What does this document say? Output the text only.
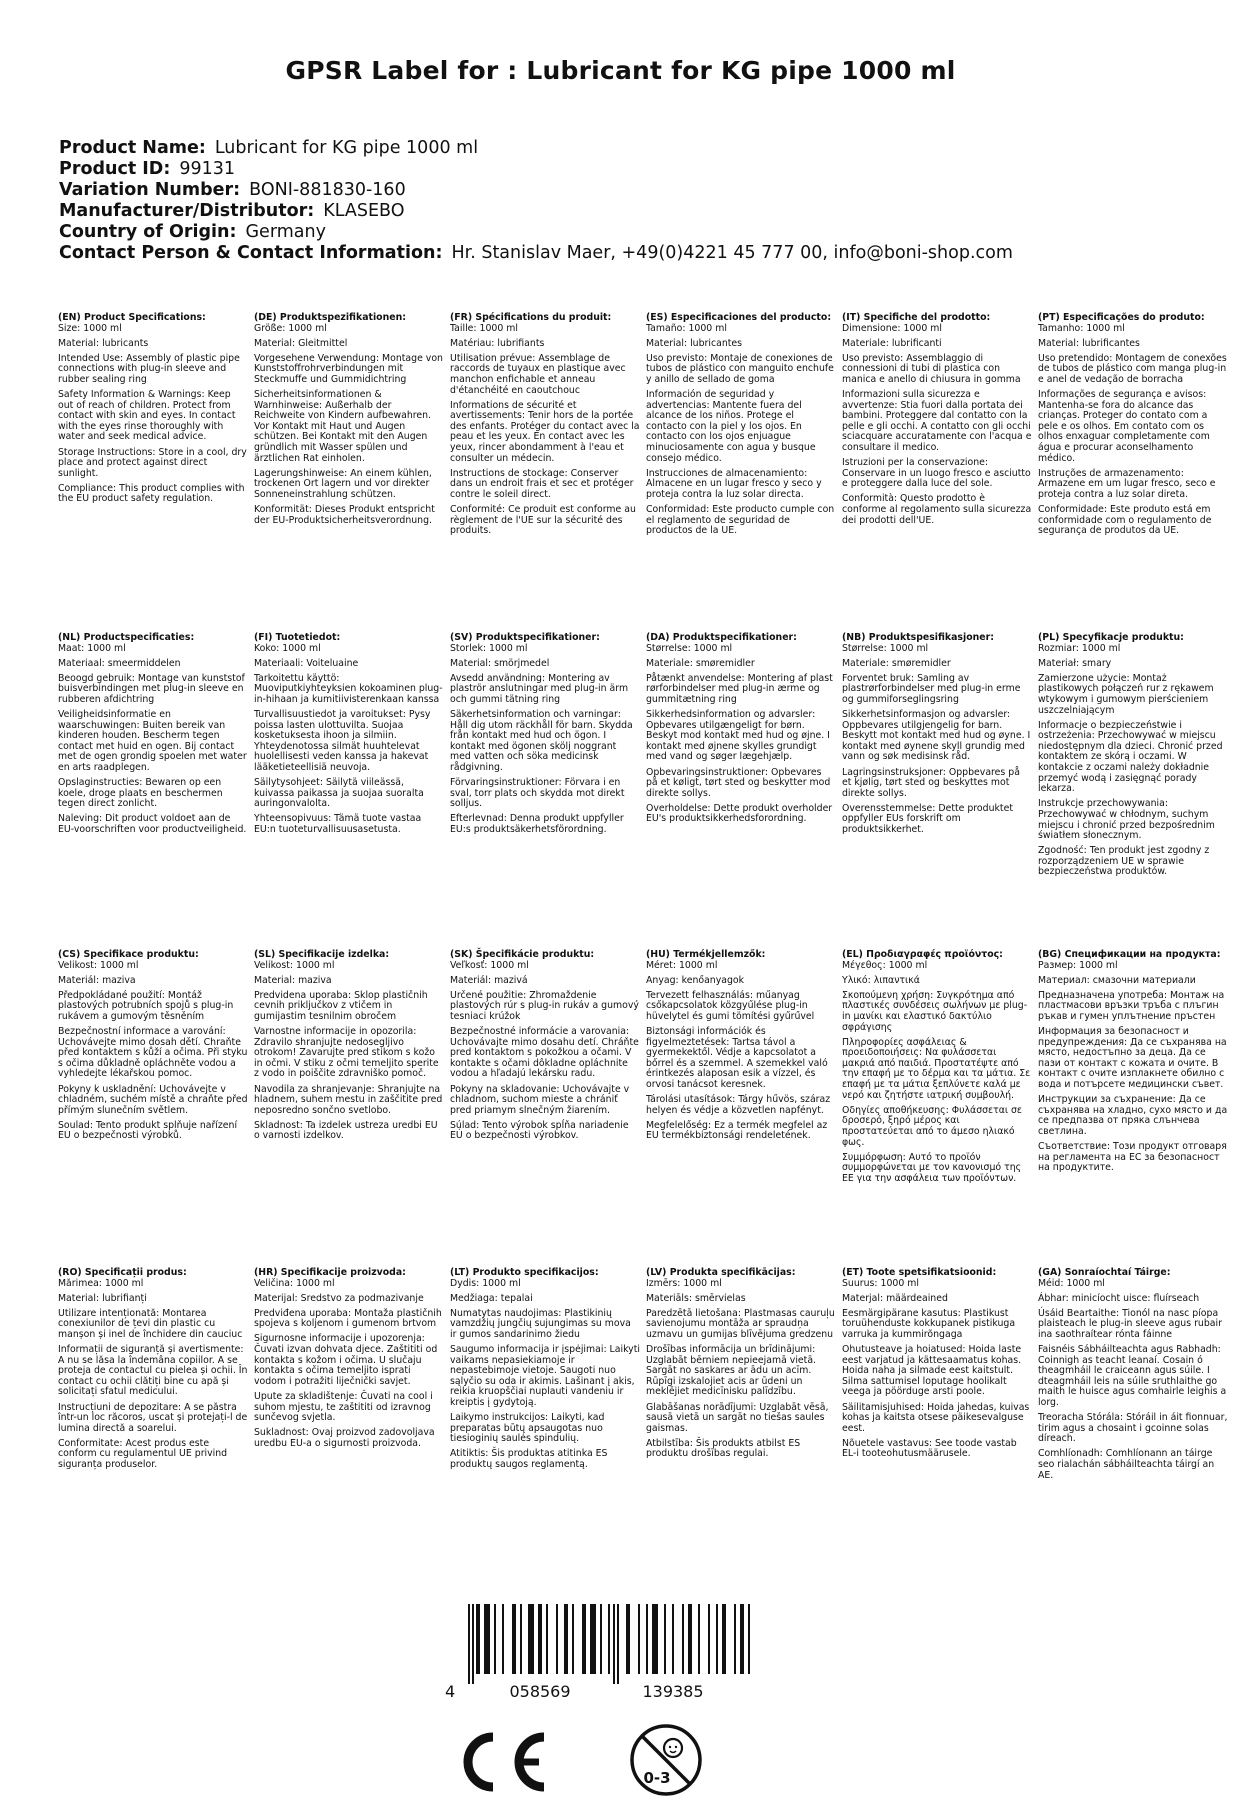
GPSR Label for : Lubricant for KG pipe 1000 ml
Product Name: Lubricant for KG pipe 1000 ml
Product ID: 99131
Variation Number: BONI-881830-160
Manufacturer/Distributor: KLASEBO
Country of Origin: Germany
Contact Person & Contact Information: Hr. Stanislav Maer, +49(0)4221 45 777 00, info@boni-shop.com
(EN) Product Specifications:

Size: 1000 ml

Material: lubricants

Intended Use: Assembly of plastic pipe connections with plug-in sleeve and rubber sealing ring

Safety Information & Warnings: Keep out of reach of children. Protect from contact with skin and eyes. In contact with the eyes rinse thoroughly with water and seek medical advice.

Storage Instructions: Store in a cool, dry place and protect against direct sunlight.

Compliance: This product complies with the EU product safety regulation.

(DE) Produktspezifikationen:

Größe: 1000 ml

Material: Gleitmittel

Vorgesehene Verwendung: Montage von Kunststoffrohrverbindungen mit Steckmuffe und Gummidichtring

Sicherheitsinformationen & Warnhinweise: Außerhalb der Reichweite von Kindern aufbewahren. Vor Kontakt mit Haut und Augen schützen. Bei Kontakt mit den Augen gründlich mit Wasser spülen und ärztlichen Rat einholen.

Lagerungshinweise: An einem kühlen, trockenen Ort lagern und vor direkter Sonneneinstrahlung schützen.

Konformität: Dieses Produkt entspricht der EU-Produktsicherheitsverordnung.

(FR) Spécifications du produit:

Taille: 1000 ml

Matériau: lubrifiants

Utilisation prévue: Assemblage de raccords de tuyaux en plastique avec manchon enfichable et anneau d'étanchéité en caoutchouc

Informations de sécurité et avertissements: Tenir hors de la portée des enfants. Protéger du contact avec la peau et les yeux. En contact avec les yeux, rincer abondamment à l'eau et consulter un médecin.

Instructions de stockage: Conserver dans un endroit frais et sec et protéger contre le soleil direct.

Conformité: Ce produit est conforme au règlement de l'UE sur la sécurité des produits.

(ES) Especificaciones del producto:

Tamaño: 1000 ml

Material: lubricantes

Uso previsto: Montaje de conexiones de tubos de plástico con manguito enchufe y anillo de sellado de goma

Información de seguridad y advertencias: Mantente fuera del alcance de los niños. Protege el contacto con la piel y los ojos. En contacto con los ojos enjuague minuciosamente con agua y busque consejo médico.

Instrucciones de almacenamiento: Almacene en un lugar fresco y seco y proteja contra la luz solar directa.

Conformidad: Este producto cumple con el reglamento de seguridad de productos de la UE.

(IT) Specifiche del prodotto:

Dimensione: 1000 ml

Materiale: lubrificanti

Uso previsto: Assemblaggio di connessioni di tubi di plastica con manica e anello di chiusura in gomma

Informazioni sulla sicurezza e avvertenze: Stia fuori dalla portata dei bambini. Proteggere dal contatto con la pelle e gli occhi. A contatto con gli occhi sciacquare accuratamente con l'acqua e consultare il medico.

Istruzioni per la conservazione: Conservare in un luogo fresco e asciutto e proteggere dalla luce del sole.

Conformità: Questo prodotto è conforme al regolamento sulla sicurezza dei prodotti dell'UE.

(PT) Especificações do produto:

Tamanho: 1000 ml

Material: lubrificantes

Uso pretendido: Montagem de conexões de tubos de plástico com manga plug-in e anel de vedação de borracha

Informações de segurança e avisos: Mantenha-se fora do alcance das crianças. Proteger do contato com a pele e os olhos. Em contato com os olhos enxaguar completamente com água e procurar aconselhamento médico.

Instruções de armazenamento: Armazene em um lugar fresco, seco e proteja contra a luz solar direta.

Conformidade: Este produto está em conformidade com o regulamento de segurança de produtos da UE.

(NL) Productspecificaties:

Maat: 1000 ml

Materiaal: smeermiddelen

Beoogd gebruik: Montage van kunststof buisverbindingen met plug-in sleeve en rubberen afdichtring

Veiligheidsinformatie en waarschuwingen: Buiten bereik van kinderen houden. Bescherm tegen contact met huid en ogen. Bij contact met de ogen grondig spoelen met water en arts raadplegen.

Opslaginstructies: Bewaren op een koele, droge plaats en beschermen tegen direct zonlicht.

Naleving: Dit product voldoet aan de EU-voorschriften voor productveiligheid.

(FI) Tuotetiedot:

Koko: 1000 ml

Materiaali: Voiteluaine

Tarkoitettu käyttö: Muoviputkiyhteyksien kokoaminen plug-in-hihaan ja kumitiivisterenkaan kanssa

Turvallisuustiedot ja varoitukset: Pysy poissa lasten ulottuvilta. Suojaa kosketuksesta ihoon ja silmiin. Yhteydenotossa silmät huuhtelevat huolellisesti veden kanssa ja hakevat lääketieteellisiä neuvoja.

Säilytysohjeet: Säilytä viileässä, kuivassa paikassa ja suojaa suoralta auringonvalolta.

Yhteensopivuus: Tämä tuote vastaa EU:n tuoteturvallisuusasetusta.

(SV) Produktspecifikationer:

Storlek: 1000 ml

Material: smörjmedel

Avsedd användning: Montering av plaströr anslutningar med plug-in ärm och gummi tätning ring

Säkerhetsinformation och varningar: Håll dig utom räckhåll för barn. Skydda från kontakt med hud och ögon. I kontakt med ögonen skölj noggrant med vatten och söka medicinsk rådgivning.

Förvaringsinstruktioner: Förvara i en sval, torr plats och skydda mot direkt solljus.

Efterlevnad: Denna produkt uppfyller EU:s produktsäkerhetsförordning.

(DA) Produktspecifikationer:

Størrelse: 1000 ml

Materiale: smøremidler

Påtænkt anvendelse: Montering af plast rørforbindelser med plug-in ærme og gummitætning ring

Sikkerhedsinformation og advarsler: Opbevares utilgængeligt for børn. Beskyt mod kontakt med hud og øjne. I kontakt med øjnene skylles grundigt med vand og søger lægehjælp.

Opbevaringsinstruktioner: Opbevares på et køligt, tørt sted og beskytter mod direkte sollys.

Overholdelse: Dette produkt overholder EU's produktsikkerhedsforordning.

(NB) Produktspesifikasjoner:

Størrelse: 1000 ml

Materiale: smøremidler

Forventet bruk: Samling av plastrørforbindelser med plug-in erme og gummiforseglingsring

Sikkerhetsinformasjon og advarsler: Oppbevares utilgjengelig for barn. Beskytt mot kontakt med hud og øyne. I kontakt med øynene skyll grundig med vann og søk medisinsk råd.

Lagringsinstruksjoner: Oppbevares på et kjølig, tørt sted og beskyttes mot direkte sollys.

Overensstemmelse: Dette produktet oppfyller EUs forskrift om produktsikkerhet.

(PL) Specyfikacje produktu:

Rozmiar: 1000 ml

Materiał: smary

Zamierzone użycie: Montaż plastikowych połączeń rur z rękawem wtykowym i gumowym pierścieniem uszczelniającym

Informacje o bezpieczeństwie i ostrzeżenia: Przechowywać w miejscu niedostępnym dla dzieci. Chronić przed kontaktem ze skórą i oczami. W kontakcie z oczami należy dokładnie przemyć wodą i zasięgnąć porady lekarza.

Instrukcje przechowywania: Przechowywać w chłodnym, suchym miejscu i chronić przed bezpośrednim światłem słonecznym.

Zgodność: Ten produkt jest zgodny z rozporządzeniem UE w sprawie bezpieczeństwa produktów.

(CS) Specifikace produktu:

Velikost: 1000 ml

Materiál: maziva

Předpokládané použití: Montáž plastových potrubních spojů s plug-in rukávem a gumovým těsněním

Bezpečnostní informace a varování: Uchovávejte mimo dosah dětí. Chraňte před kontaktem s kůží a očima. Při styku s očima důkladně opláchněte vodou a vyhledejte lékařskou pomoc.

Pokyny k uskladnění: Uchovávejte v chladném, suchém místě a chraňte před přímým slunečním světlem.

Soulad: Tento produkt splňuje nařízení EU o bezpečnosti výrobků.

(SL) Specifikacije izdelka:

Velikost: 1000 ml

Material: maziva

Predvidena uporaba: Sklop plastičnih cevnih priključkov z vtičem in gumijastim tesnilnim obročem

Varnostne informacije in opozorila: Zdravilo shranjujte nedosegljivo otrokom! Zavarujte pred stikom s kožo in očmi. V stiku z očmi temeljito sperite z vodo in poiščite zdravniško pomoč.

Navodila za shranjevanje: Shranjujte na hladnem, suhem mestu in zaščitite pred neposredno sončno svetlobo.

Skladnost: Ta izdelek ustreza uredbi EU o varnosti izdelkov.

(SK) Špecifikácie produktu:

Veľkosť: 1000 ml

Materiál: mazivá

Určené použitie: Zhromaždenie plastových rúr s plug-in rukáv a gumový tesniaci krúžok

Bezpečnostné informácie a varovania: Uchovávajte mimo dosahu detí. Chráňte pred kontaktom s pokožkou a očami. V kontakte s očami dôkladne opláchnite vodou a hľadajú lekársku radu.

Pokyny na skladovanie: Uchovávajte v chladnom, suchom mieste a chrániť pred priamym slnečným žiarením.

Súlad: Tento výrobok spĺňa nariadenie EÚ o bezpečnosti výrobkov.

(HU) Termékjellemzők:

Méret: 1000 ml

Anyag: kenőanyagok

Tervezett felhasználás: műanyag csőkapcsolatok közgyűlése plug-in hüvelytel és gumi tömítési gyűrűvel

Biztonsági információk és figyelmeztetések: Tartsa távol a gyermekektől. Védje a kapcsolatot a bőrrel és a szemmel. A szemekkel való érintkezés alaposan esik a vízzel, és orvosi tanácsot keresnek.

Tárolási utasítások: Tárgy hűvös, száraz helyen és védje a közvetlen napfényt.

Megfelelőség: Ez a termék megfelel az EU termékbiztonsági rendeletének.

(EL) Προδιαγραφές προϊόντος:

Μέγεθος: 1000 ml

Υλικό: λιπαντικά

Σκοπούμενη χρήση: Συγκρότημα από πλαστικές συνδέσεις σωλήνων με plug-in μανίκι και ελαστικό δακτύλιο σφράγισης

Πληροφορίες ασφάλειας & προειδοποιήσεις: Να φυλάσσεται μακριά από παιδιά. Προστατέψτε από την επαφή με το δέρμα και τα μάτια. Σε επαφή με τα μάτια ξεπλύνετε καλά με νερό και ζητήστε ιατρική συμβουλή.

Οδηγίες αποθήκευσης: Φυλάσσεται σε δροσερό, ξηρό μέρος και προστατεύεται από το άμεσο ηλιακό φως.

Συμμόρφωση: Αυτό το προϊόν συμμορφώνεται με τον κανονισμό της ΕΕ για την ασφάλεια των προϊόντων.

(BG) Спецификации на продукта:

Размер: 1000 ml

Материал: смазочни материали

Предназначена употреба: Монтаж на пластмасови връзки тръба с плъгин ръкав и гумен уплътнение пръстен

Информация за безопасност и предупреждения: Да се съхранява на място, недостъпно за деца. Да се пази от контакт с кожата и очите. В контакт с очите изплакнете обилно с вода и потърсете медицински съвет.

Инструкции за съхранение: Да се съхранява на хладно, сухо място и да се предпазва от пряка слънчева светлина.

Съответствие: Този продукт отговаря на регламента на ЕС за безопасност на продуктите.

(RO) Specificații produs:

Mărimea: 1000 ml

Material: lubrifianți

Utilizare intenționată: Montarea conexiunilor de țevi din plastic cu manșon și inel de închidere din cauciuc

Informații de siguranță și avertismente: A nu se lăsa la îndemâna copiilor. A se proteja de contactul cu pielea și ochii. În contact cu ochii clătiți bine cu apă și solicitați sfatul medicului.

Instrucțiuni de depozitare: A se păstra într-un loc răcoros, uscat și protejați-l de lumina directă a soarelui.

Conformitate: Acest produs este conform cu regulamentul UE privind siguranța produselor.

(HR) Specifikacije proizvoda:

Veličina: 1000 ml

Materijal: Sredstvo za podmazivanje

Predviđena uporaba: Montaža plastičnih spojeva s koljenom i gumenom brtvom

Sigurnosne informacije i upozorenja: Čuvati izvan dohvata djece. Zaštititi od kontakta s kožom i očima. U slučaju kontakta s očima temeljito isprati vodom i potražiti liječnički savjet.

Upute za skladištenje: Čuvati na cool i suhom mjestu, te zaštititi od izravnog sunčevog svjetla.

Sukladnost: Ovaj proizvod zadovoljava uredbu EU-a o sigurnosti proizvoda.

(LT) Produkto specifikacijos:

Dydis: 1000 ml

Medžiaga: tepalai

Numatytas naudojimas: Plastikinių vamzdžių jungčių sujungimas su mova ir gumos sandarinimo žiedu

Saugumo informacija ir įspėjimai: Laikyti vaikams nepasiekiamoje ir nepastebimoje vietoje. Saugoti nuo sąlyčio su oda ir akimis. Lašinant į akis, reikia kruopščiai nuplauti vandeniu ir kreiptis į gydytoją.

Laikymo instrukcijos: Laikyti, kad preparatas būtų apsaugotas nuo tiesioginių saulės spindulių.

Atitiktis: Šis produktas atitinka ES produktų saugos reglamentą.

(LV) Produkta specifikācijas:

Izmērs: 1000 ml

Materiāls: smērvielas

Paredzētā lietošana: Plastmasas cauruļu savienojumu montāža ar spraudņa uzmavu un gumijas blīvējuma gredzenu

Drošības informācija un brīdinājumi: Uzglabāt bērniem nepieejamā vietā. Sargāt no saskares ar ādu un acīm. Rūpīgi izskalojiet acis ar ūdeni un meklējiet medicīnisku palīdzību.

Glabāšanas norādījumi: Uzglabāt vēsā, sausā vietā un sargāt no tiešas saules gaismas.

Atbilstība: Šis produkts atbilst ES produktu drošības regulai.

(ET) Toote spetsifikatsioonid:

Suurus: 1000 ml

Materjal: määrdeained

Eesmärgipärane kasutus: Plastikust toruühenduste kokkupanek pistikuga varruka ja kummirõngaga

Ohutusteave ja hoiatused: Hoida laste eest varjatud ja kättesaamatus kohas. Hoida naha ja silmade eest kaitstult. Silma sattumisel loputage hoolikalt veega ja pöörduge arsti poole.

Säilitamisjuhised: Hoida jahedas, kuivas kohas ja kaitsta otsese päikesevalguse eest.

Nõuetele vastavus: See toode vastab EL-i tooteohutusmäärusele.

(GA) Sonraíochtaí Táirge:

Méid: 1000 ml

Ábhar: minicíocht uisce: fluírseach

Úsáid Beartaithe: Tionól na nasc píopa plaisteach le plug-in sleeve agus rubair ina saothraítear rónta fáinne

Faisnéis Sábháilteachta agus Rabhadh: Coinnigh as teacht leanaí. Cosain ó theagmháil le craiceann agus súile. I dteagmháil leis na súile sruthlaithe go maith le huisce agus comhairle leighis a lorg.

Treoracha Stórála: Stóráil in áit fionnuar, tirim agus a chosaint i gcoinne solas díreach.

Comhlíonadh: Comhlíonann an táirge seo rialachán sábháilteachta táirgí an AE.

4	058569	139385
0-3
